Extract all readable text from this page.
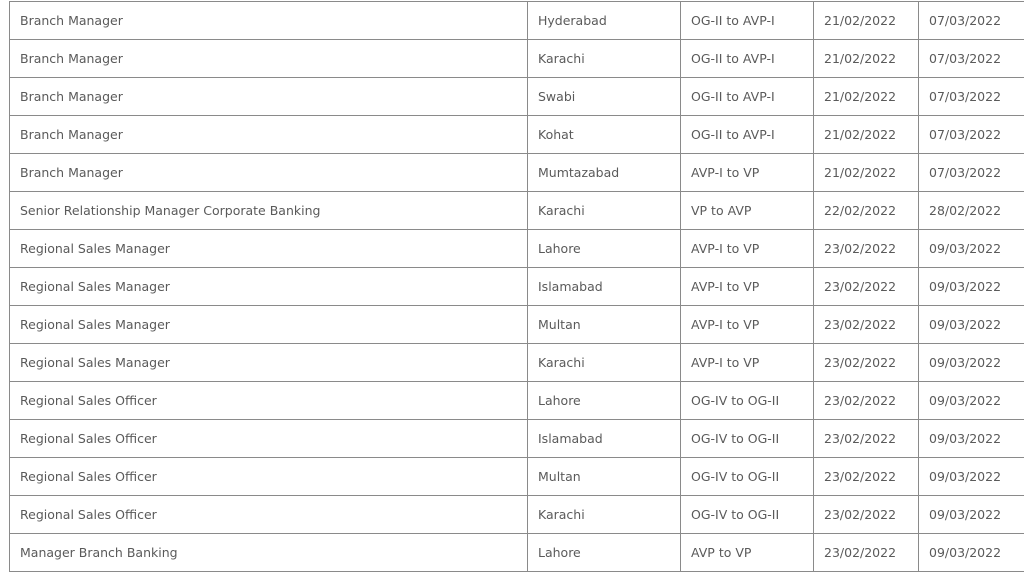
Branch Manager	Hyderabad	OG-II to AVP-I	21/02/2022	07/03/2022
Branch Manager	Karachi	OG-II to AVP-I	21/02/2022	07/03/2022
Branch Manager	Swabi	OG-II to AVP-I	21/02/2022	07/03/2022
Branch Manager	Kohat	OG-II to AVP-I	21/02/2022	07/03/2022
Branch Manager	Mumtazabad	AVP-I to VP	21/02/2022	07/03/2022
Senior Relationship Manager Corporate Banking	Karachi	VP to AVP	22/02/2022	28/02/2022
Regional Sales Manager	Lahore	AVP-I to VP	23/02/2022	09/03/2022
Regional Sales Manager	Islamabad	AVP-I to VP	23/02/2022	09/03/2022
Regional Sales Manager	Multan	AVP-I to VP	23/02/2022	09/03/2022
Regional Sales Manager	Karachi	AVP-I to VP	23/02/2022	09/03/2022
Regional Sales Officer	Lahore	OG-IV to OG-II	23/02/2022	09/03/2022
Regional Sales Officer	Islamabad	OG-IV to OG-II	23/02/2022	09/03/2022
Regional Sales Officer	Multan	OG-IV to OG-II	23/02/2022	09/03/2022
Regional Sales Officer	Karachi	OG-IV to OG-II	23/02/2022	09/03/2022
Manager Branch Banking	Lahore	AVP to VP	23/02/2022	09/03/2022
